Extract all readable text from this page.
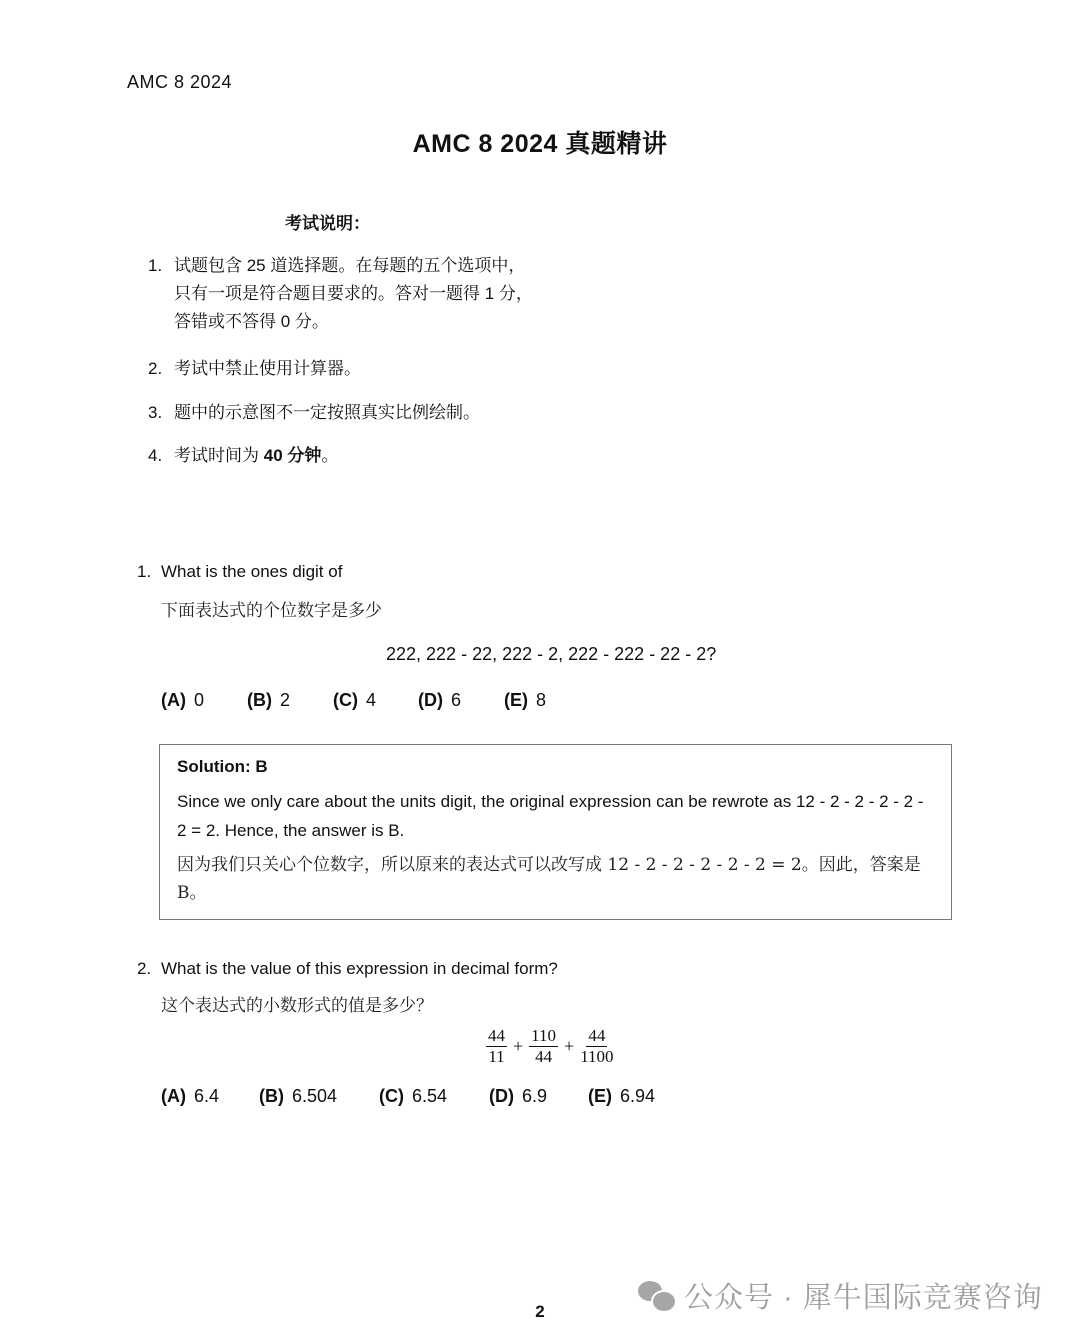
AMC 8 2024
AMC 8 2024 真题精讲
考试说明：
1. 试题包含 25 道选择题。在每题的五个选项中，只有一项是符合题目要求的。答对一题得 1 分，答错或不答得 0 分。
2. 考试中禁止使用计算器。
3. 题中的示意图不一定按照真实比例绘制。
4. 考试时间为 40 分钟。
1. What is the ones digit of
下面表达式的个位数字是多少
222, 222 - 22, 222 - 2, 222 - 222 - 22 - 2?
(A) 0	(B) 2	(C) 4	(D) 6	(E) 8
Solution: B
Since we only care about the units digit, the original expression can be rewrote as 12 - 2 - 2 - 2 - 2 - 2 = 2. Hence, the answer is B.
因为我们只关心个位数字，所以原来的表达式可以改写成 12 - 2 - 2 - 2 - 2 - 2 = 2。因此，答案是 B。
2. What is the value of this expression in decimal form?
这个表达式的小数形式的值是多少？
$\frac{44}{11} + \frac{110}{44} + \frac{44}{1100}$
(A) 6.4	(B) 6.504	(C) 6.54	(D) 6.9	(E) 6.94
公众号 · 犀牛国际竞赛咨询
2
